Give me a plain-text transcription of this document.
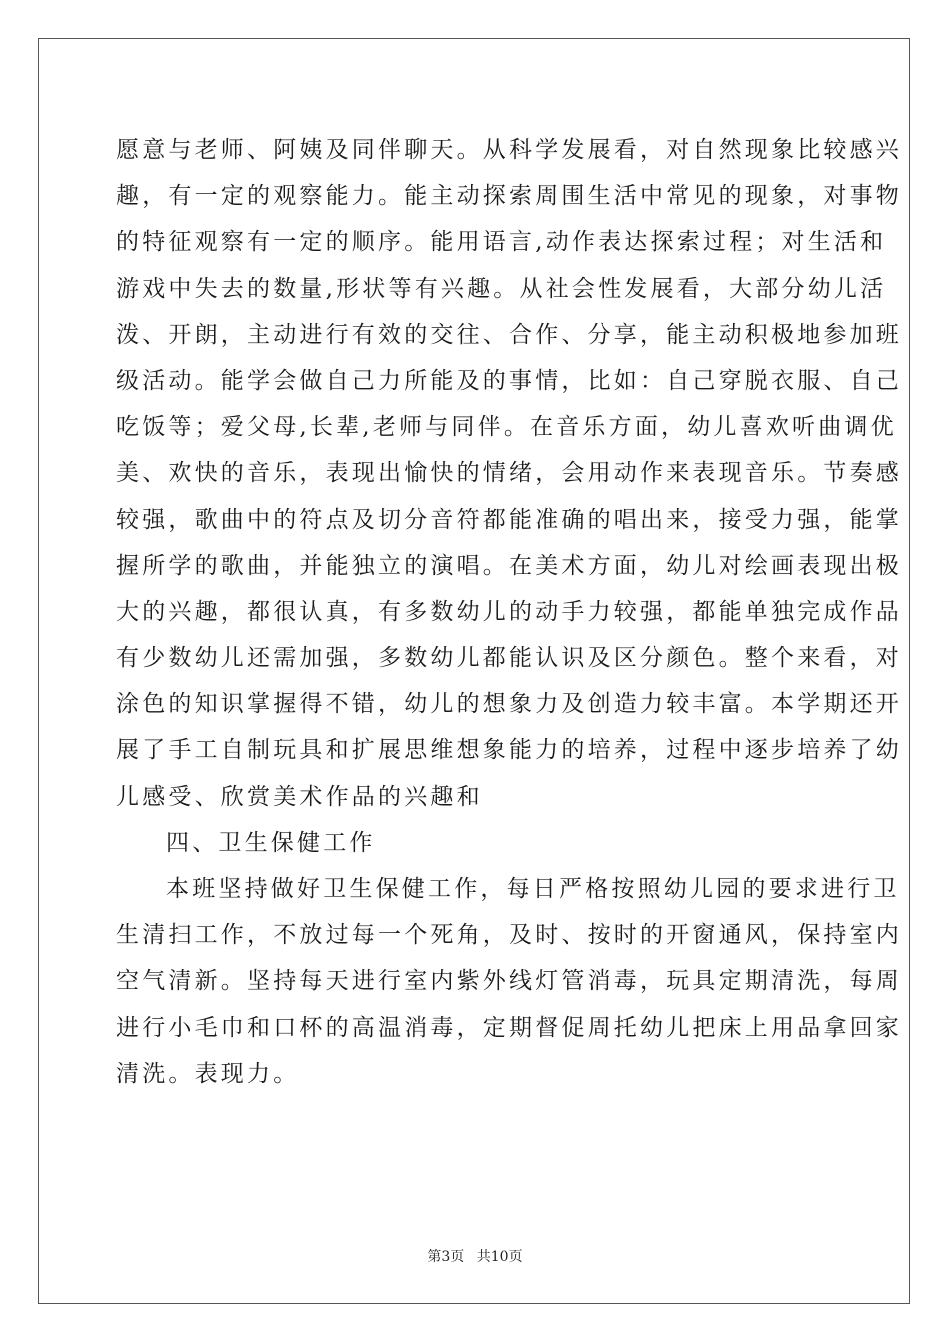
愿意与老师、阿姨及同伴聊天。从科学发展看，对自然现象比较感兴
趣，有一定的观察能力。能主动探索周围生活中常见的现象，对事物
的特征观察有一定的顺序。能用语言,动作表达探索过程；对生活和
游戏中失去的数量,形状等有兴趣。从社会性发展看，大部分幼儿活
泼、开朗，主动进行有效的交往、合作、分享，能主动积极地参加班
级活动。能学会做自己力所能及的事情，比如：自己穿脱衣服、自己
吃饭等；爱父母,长辈,老师与同伴。在音乐方面，幼儿喜欢听曲调优
美、欢快的音乐，表现出愉快的情绪，会用动作来表现音乐。节奏感
较强，歌曲中的符点及切分音符都能准确的唱出来，接受力强，能掌
握所学的歌曲，并能独立的演唱。在美术方面，幼儿对绘画表现出极
大的兴趣，都很认真，有多数幼儿的动手力较强，都能单独完成作品
有少数幼儿还需加强，多数幼儿都能认识及区分颜色。整个来看，对
涂色的知识掌握得不错，幼儿的想象力及创造力较丰富。本学期还开
展了手工自制玩具和扩展思维想象能力的培养，过程中逐步培养了幼
儿感受、欣赏美术作品的兴趣和
四、卫生保健工作
本班坚持做好卫生保健工作，每日严格按照幼儿园的要求进行卫
生清扫工作，不放过每一个死角，及时、按时的开窗通风，保持室内
空气清新。坚持每天进行室内紫外线灯管消毒，玩具定期清洗，每周
进行小毛巾和口杯的高温消毒，定期督促周托幼儿把床上用品拿回家
清洗。表现力。
第3页 共10页
